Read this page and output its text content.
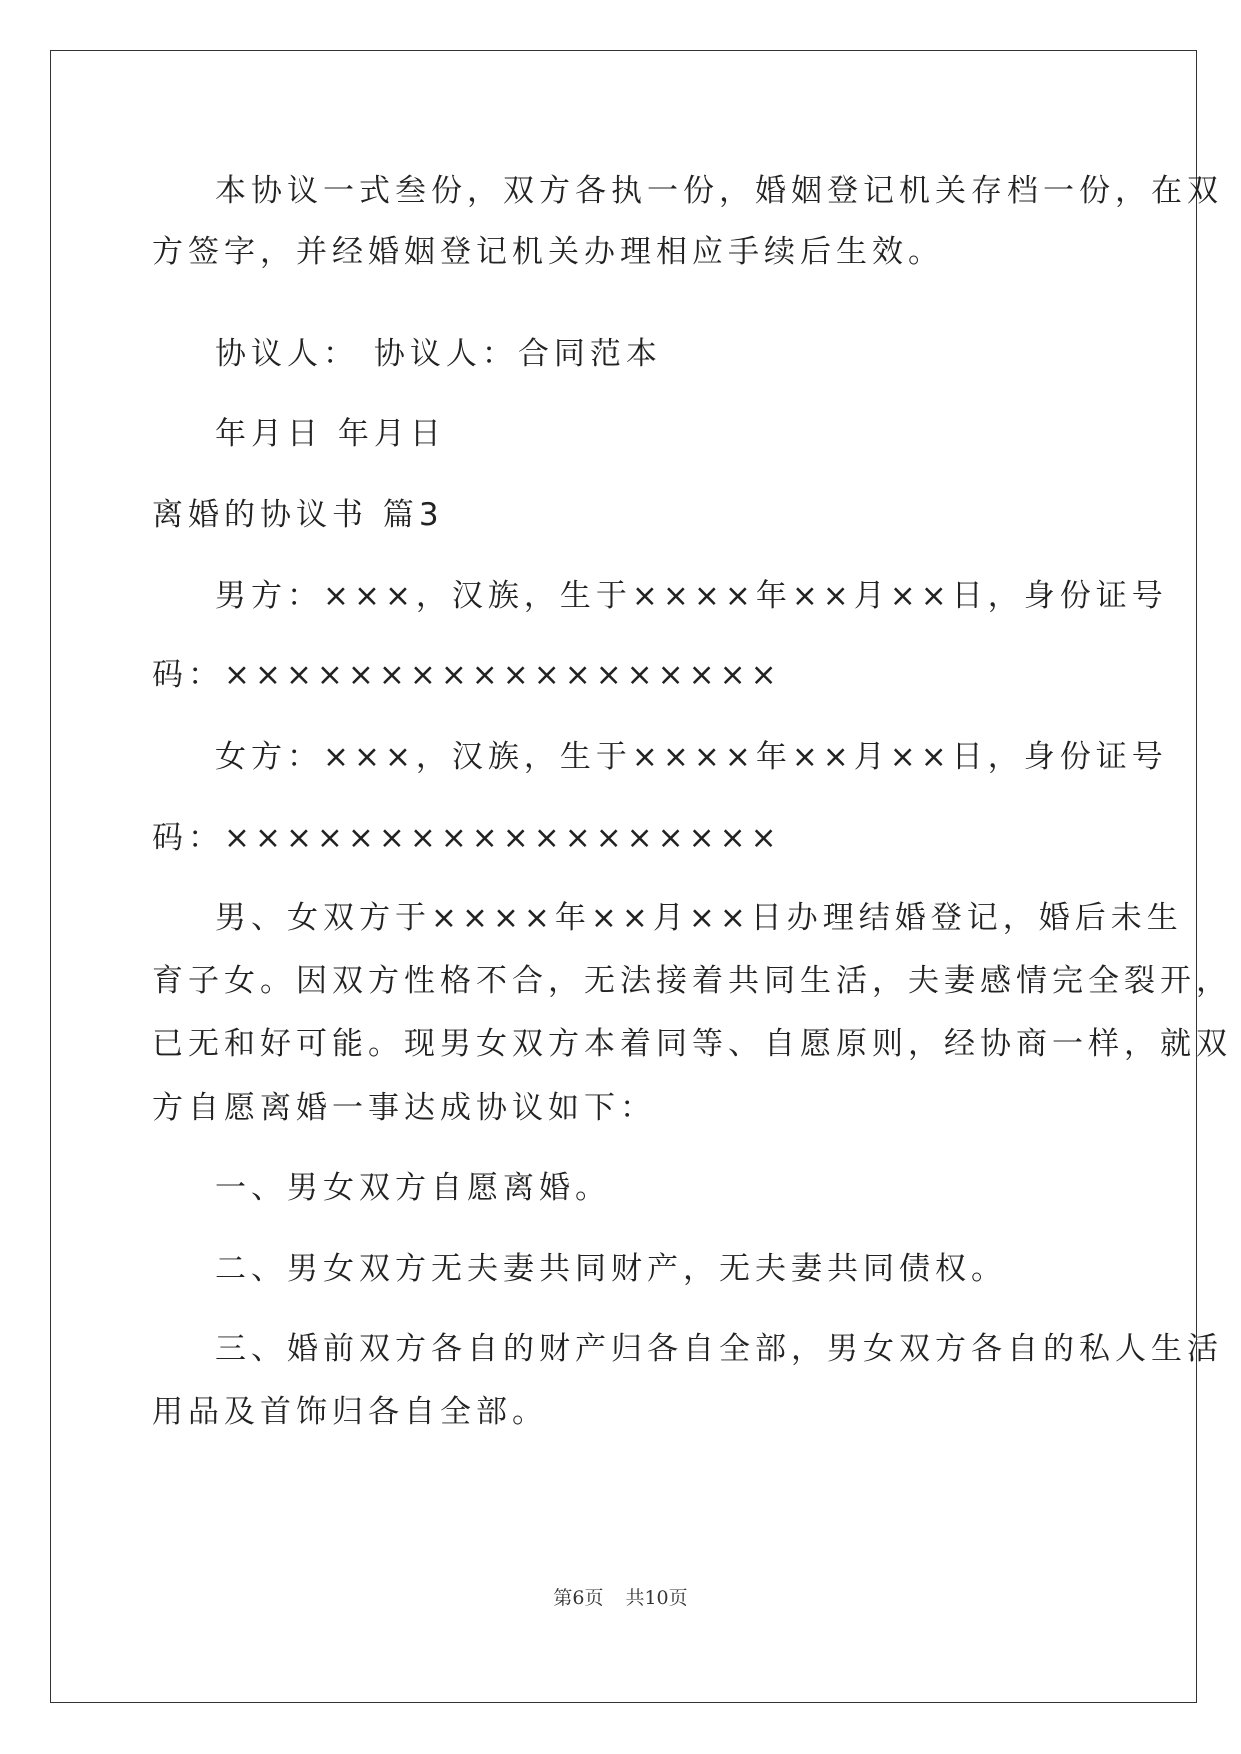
本协议一式叁份，双方各执一份，婚姻登记机关存档一份，在双
方签字，并经婚姻登记机关办理相应手续后生效。
协议人： 协议人：合同范本
年月日 年月日
离婚的协议书 篇3
男方：×××，汉族，生于××××年××月××日，身份证号
码：××××××××××××××××××
女方：×××，汉族，生于××××年××月××日，身份证号
码：××××××××××××××××××
男、女双方于××××年××月××日办理结婚登记，婚后未生
育子女。因双方性格不合，无法接着共同生活，夫妻感情完全裂开，
已无和好可能。现男女双方本着同等、自愿原则，经协商一样，就双
方自愿离婚一事达成协议如下：
一、男女双方自愿离婚。
二、男女双方无夫妻共同财产，无夫妻共同债权。
三、婚前双方各自的财产归各自全部，男女双方各自的私人生活
用品及首饰归各自全部。
第6页 共10页
